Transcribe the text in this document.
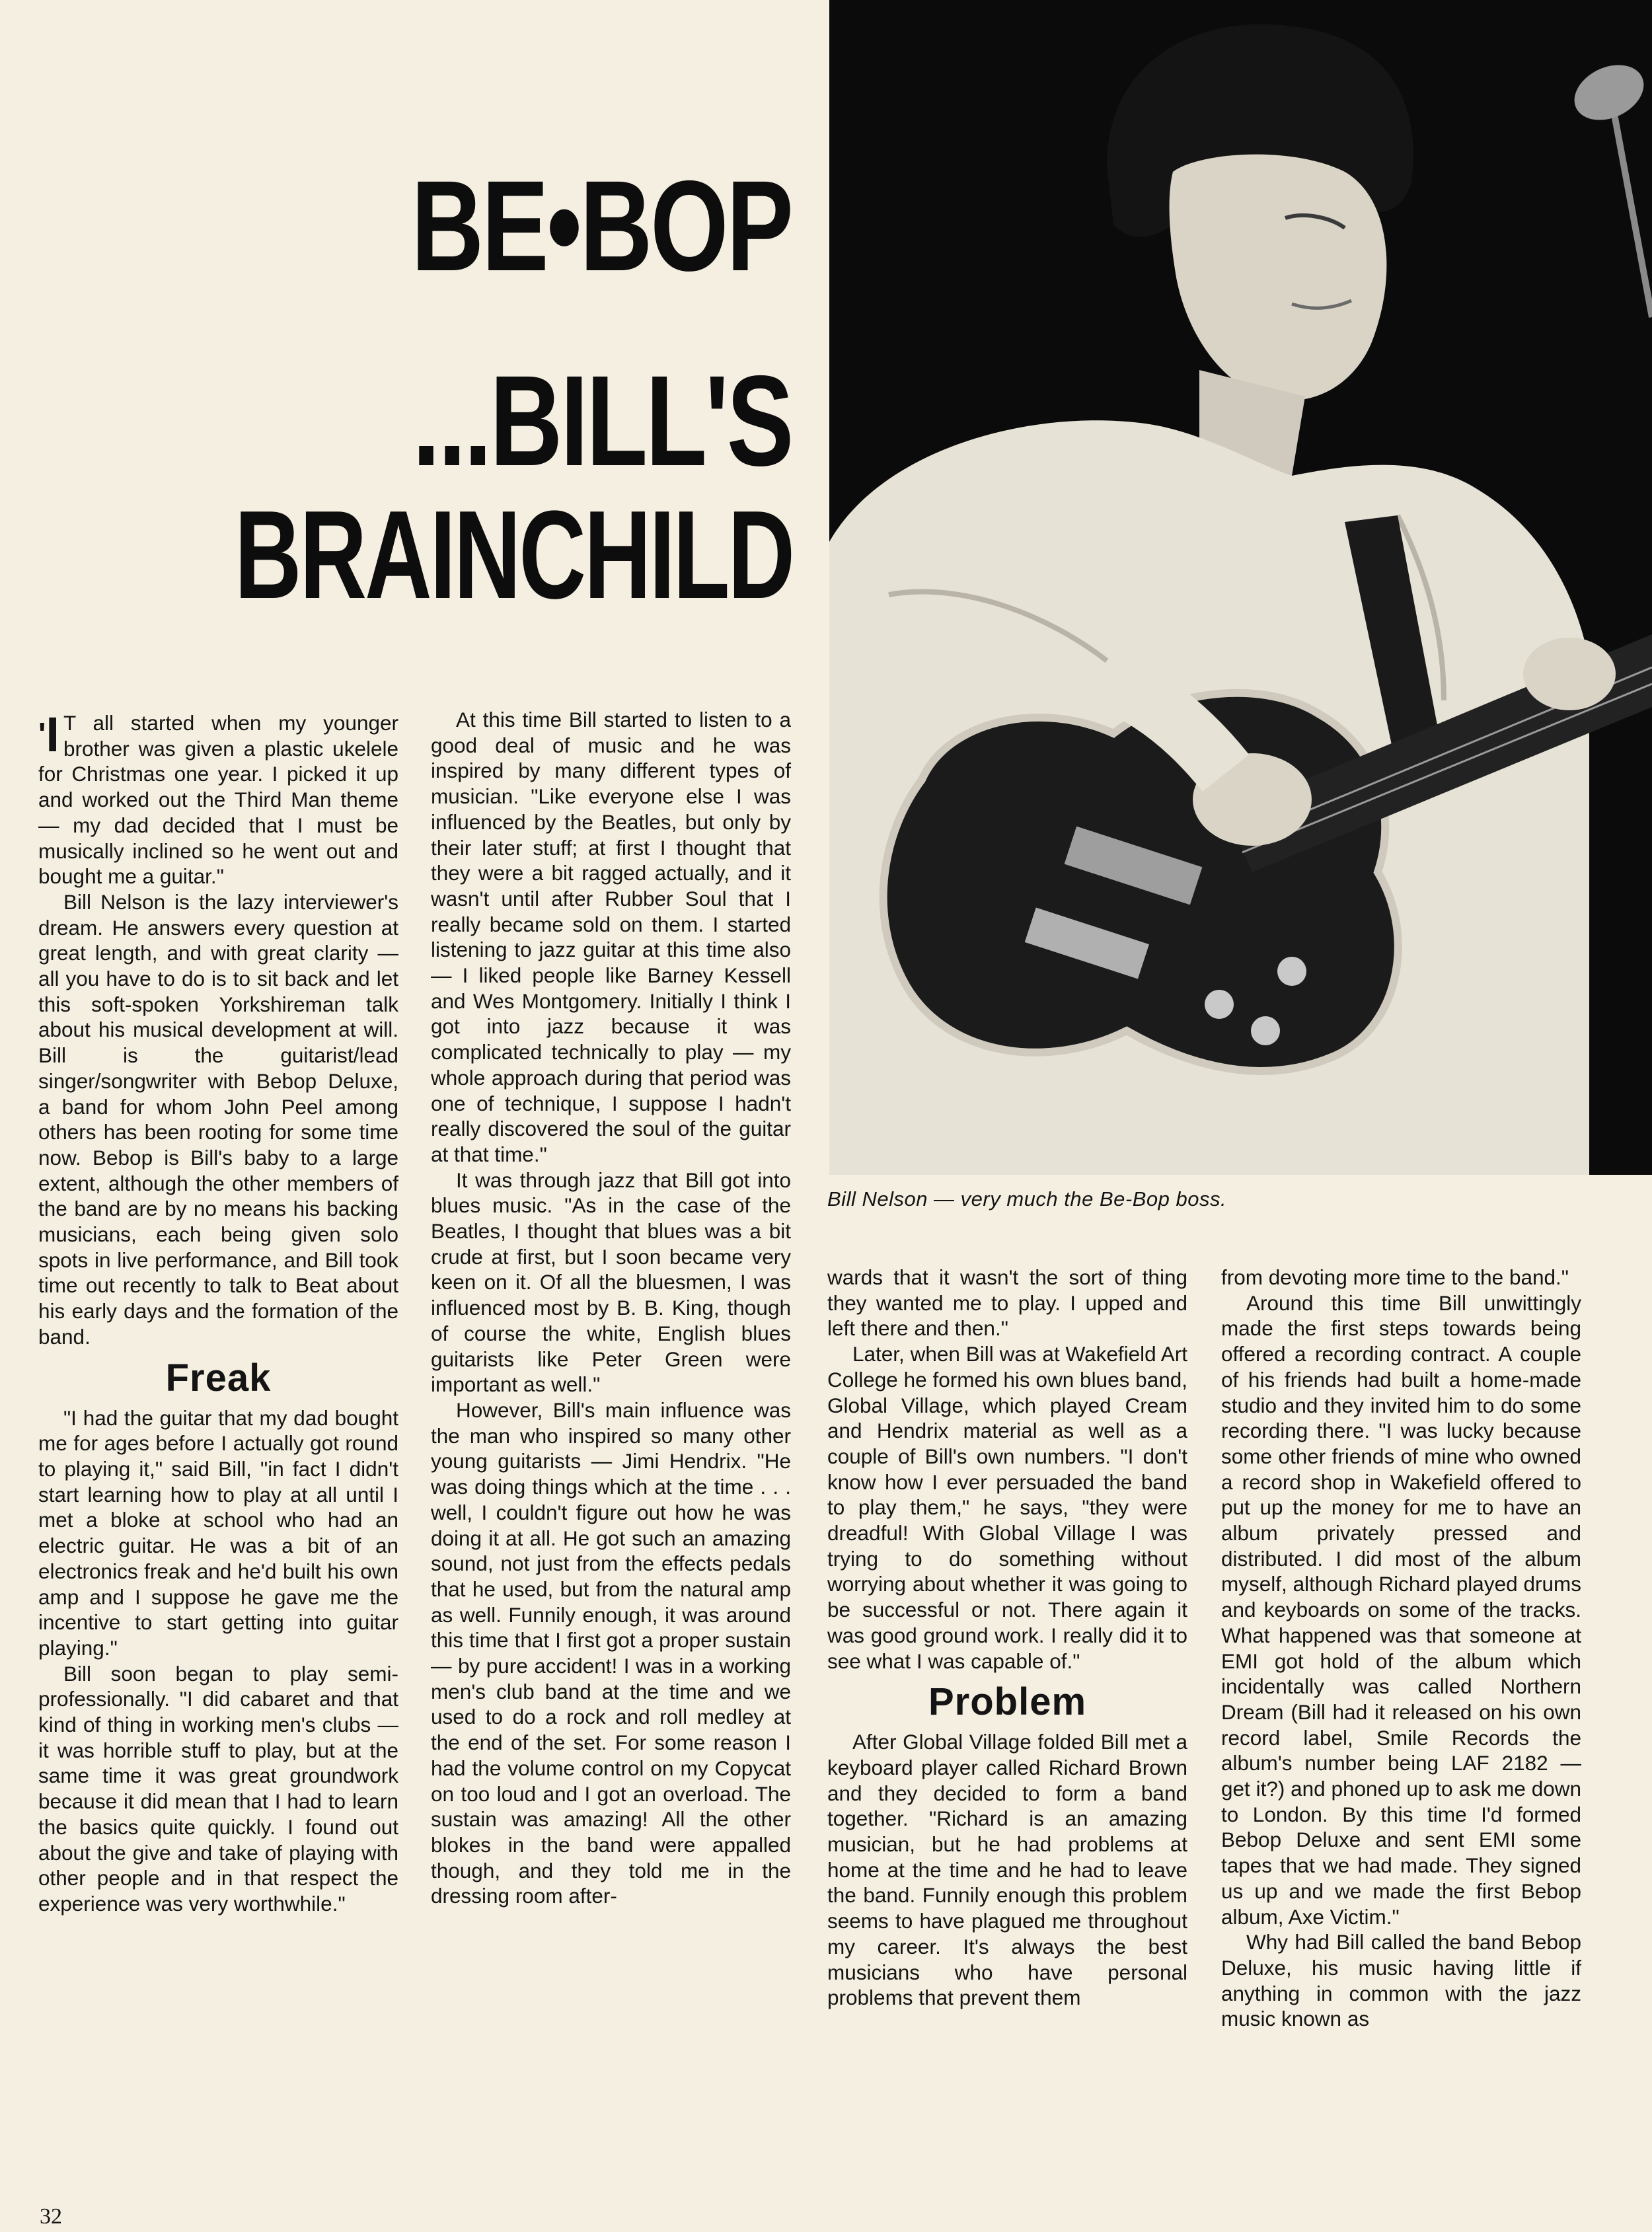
BE•BOP
...BILL'S
BRAINCHILD
Bill Nelson — very much the Be-Bop boss.

'I T all started when my younger brother was given a plastic ukelele for Christmas one year. I picked it up and worked out the Third Man theme — my dad decided that I must be musically inclined so he went out and bought me a guitar."

Bill Nelson is the lazy interviewer's dream. He answers every question at great length, and with great clarity — all you have to do is to sit back and let this soft-spoken Yorkshireman talk about his musical development at will. Bill is the guitarist/lead singer/songwriter with Bebop Deluxe, a band for whom John Peel among others has been rooting for some time now. Bebop is Bill's baby to a large extent, although the other members of the band are by no means his backing musicians, each being given solo spots in live performance, and Bill took time out recently to talk to Beat about his early days and the formation of the band.

Freak

"I had the guitar that my dad bought me for ages before I actually got round to playing it," said Bill, "in fact I didn't start learning how to play at all until I met a bloke at school who had an electric guitar. He was a bit of an electronics freak and he'd built his own amp and I suppose he gave me the incentive to start getting into guitar playing."

Bill soon began to play semi-professionally. "I did cabaret and that kind of thing in working men's clubs — it was horrible stuff to play, but at the same time it was great groundwork because it did mean that I had to learn the basics quite quickly. I found out about the give and take of playing with other people and in that respect the experience was very worthwhile."

At this time Bill started to listen to a good deal of music and he was inspired by many different types of musician. "Like everyone else I was influenced by the Beatles, but only by their later stuff; at first I thought that they were a bit ragged actually, and it wasn't until after Rubber Soul that I really became sold on them. I started listening to jazz guitar at this time also — I liked people like Barney Kessell and Wes Montgomery. Initially I think I got into jazz because it was complicated technically to play — my whole approach during that period was one of technique, I suppose I hadn't really discovered the soul of the guitar at that time."

It was through jazz that Bill got into blues music. "As in the case of the Beatles, I thought that blues was a bit crude at first, but I soon became very keen on it. Of all the bluesmen, I was influenced most by B. B. King, though of course the white, English blues guitarists like Peter Green were important as well."

However, Bill's main influence was the man who inspired so many other young guitarists — Jimi Hendrix. "He was doing things which at the time . . . well, I couldn't figure out how he was doing it at all. He got such an amazing sound, not just from the effects pedals that he used, but from the natural amp as well. Funnily enough, it was around this time that I first got a proper sustain — by pure accident! I was in a working men's club band at the time and we used to do a rock and roll medley at the end of the set. For some reason I had the volume control on my Copycat on too loud and I got an overload. The sustain was amazing! All the other blokes in the band were appalled though, and they told me in the dressing room after-

wards that it wasn't the sort of thing they wanted me to play. I upped and left there and then."

Later, when Bill was at Wakefield Art College he formed his own blues band, Global Village, which played Cream and Hendrix material as well as a couple of Bill's own numbers. "I don't know how I ever persuaded the band to play them," he says, "they were dreadful! With Global Village I was trying to do something without worrying about whether it was going to be successful or not. There again it was good ground work. I really did it to see what I was capable of."

Problem

After Global Village folded Bill met a keyboard player called Richard Brown and they decided to form a band together. "Richard is an amazing musician, but he had problems at home at the time and he had to leave the band. Funnily enough this problem seems to have plagued me throughout my career. It's always the best musicians who have personal problems that prevent them

from devoting more time to the band."

Around this time Bill unwittingly made the first steps towards being offered a recording contract. A couple of his friends had built a home-made studio and they invited him to do some recording there. "I was lucky because some other friends of mine who owned a record shop in Wakefield offered to put up the money for me to have an album privately pressed and distributed. I did most of the album myself, although Richard played drums and keyboards on some of the tracks. What happened was that someone at EMI got hold of the album which incidentally was called Northern Dream (Bill had it released on his own record label, Smile Records the album's number being LAF 2182 — get it?) and phoned up to ask me down to London. By this time I'd formed Bebop Deluxe and sent EMI some tapes that we had made. They signed us up and we made the first Bebop album, Axe Victim."

Why had Bill called the band Bebop Deluxe, his music having little if anything in common with the jazz music known as

32
